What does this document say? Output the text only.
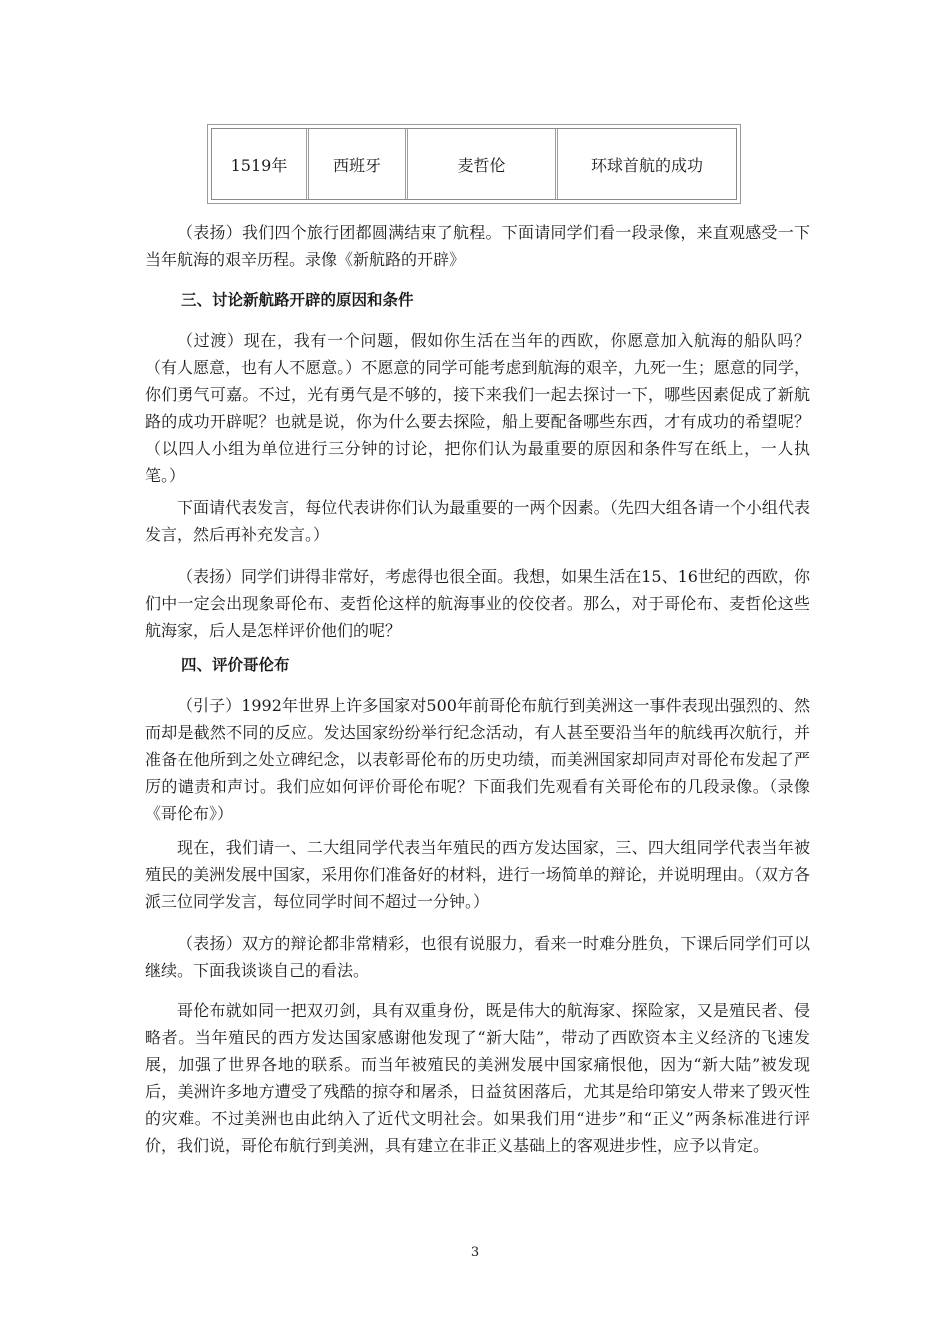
1519年	西班牙	麦哲伦	环球首航的成功

（表扬）我们四个旅行团都圆满结束了航程。下面请同学们看一段录像，来直观感受一下当年航海的艰辛历程。录像《新航路的开辟》

三、讨论新航路开辟的原因和条件

（过渡）现在，我有一个问题，假如你生活在当年的西欧，你愿意加入航海的船队吗？（有人愿意，也有人不愿意。）不愿意的同学可能考虑到航海的艰辛，九死一生；愿意的同学，你们勇气可嘉。不过，光有勇气是不够的，接下来我们一起去探讨一下，哪些因素促成了新航路的成功开辟呢？也就是说，你为什么要去探险，船上要配备哪些东西，才有成功的希望呢？（以四人小组为单位进行三分钟的讨论，把你们认为最重要的原因和条件写在纸上，一人执笔。）

下面请代表发言，每位代表讲你们认为最重要的一两个因素。（先四大组各请一个小组代表发言，然后再补充发言。）

（表扬）同学们讲得非常好，考虑得也很全面。我想，如果生活在15、16世纪的西欧，你们中一定会出现象哥伦布、麦哲伦这样的航海事业的佼佼者。那么，对于哥伦布、麦哲伦这些航海家，后人是怎样评价他们的呢？

四、评价哥伦布

（引子）1992年世界上许多国家对500年前哥伦布航行到美洲这一事件表现出强烈的、然而却是截然不同的反应。发达国家纷纷举行纪念活动，有人甚至要沿当年的航线再次航行，并准备在他所到之处立碑纪念，以表彰哥伦布的历史功绩，而美洲国家却同声对哥伦布发起了严厉的谴责和声讨。我们应如何评价哥伦布呢？下面我们先观看有关哥伦布的几段录像。（录像《哥伦布》）

现在，我们请一、二大组同学代表当年殖民的西方发达国家，三、四大组同学代表当年被殖民的美洲发展中国家，采用你们准备好的材料，进行一场简单的辩论，并说明理由。（双方各派三位同学发言，每位同学时间不超过一分钟。）

（表扬）双方的辩论都非常精彩，也很有说服力，看来一时难分胜负，下课后同学们可以继续。下面我谈谈自己的看法。

哥伦布就如同一把双刃剑，具有双重身份，既是伟大的航海家、探险家，又是殖民者、侵略者。当年殖民的西方发达国家感谢他发现了“新大陆”，带动了西欧资本主义经济的飞速发展，加强了世界各地的联系。而当年被殖民的美洲发展中国家痛恨他，因为“新大陆”被发现后，美洲许多地方遭受了残酷的掠夺和屠杀，日益贫困落后，尤其是给印第安人带来了毁灭性的灾难。不过美洲也由此纳入了近代文明社会。如果我们用“进步”和“正义”两条标准进行评价，我们说，哥伦布航行到美洲，具有建立在非正义基础上的客观进步性，应予以肯定。

3
